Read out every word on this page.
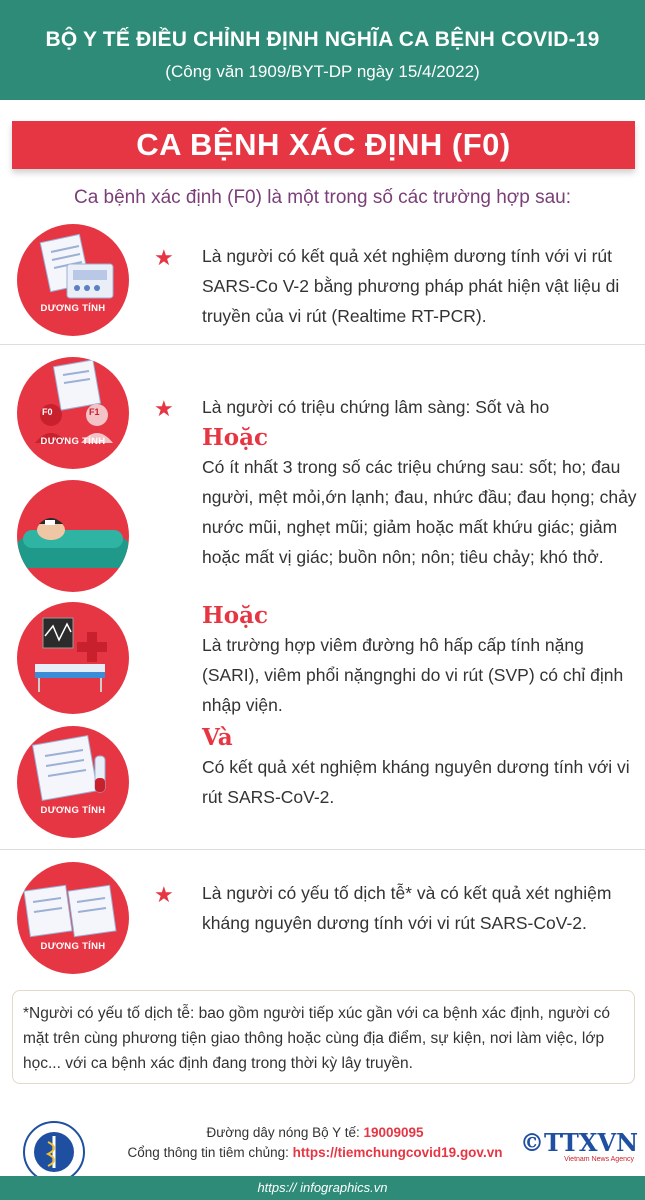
BỘ Y TẾ ĐIỀU CHỈNH ĐỊNH NGHĨA CA BỆNH COVID-19
(Công văn 1909/BYT-DP ngày 15/4/2022)
CA BỆNH XÁC ĐỊNH (F0)
Ca bệnh xác định (F0) là một trong số các trường hợp sau:
DƯƠNG TÍNH
★ Là người có kết quả xét nghiệm dương tính với vi rút SARS-Co V-2 bằng phương pháp phát hiện vật liệu di truyền của vi rút (Realtime RT-PCR).
F0	F1
DƯƠNG TÍNH
DƯƠNG TÍNH
★ Là người có triệu chứng lâm sàng: Sốt và ho
Hoặc
Có ít nhất 3 trong số các triệu chứng sau: sốt; ho; đau người, mệt mỏi,ớn lạnh; đau, nhức đầu; đau họng; chảy nước mũi, nghẹt mũi; giảm hoặc mất khứu giác; giảm hoặc mất vị giác; buồn nôn; nôn; tiêu chảy; khó thở.
Hoặc
Là trường hợp viêm đường hô hấp cấp tính nặng (SARI), viêm phổi nặngnghi do vi rút (SVP) có chỉ định nhập viện.
Và
Có kết quả xét nghiệm kháng nguyên dương tính với vi rút SARS-CoV-2.
DƯƠNG TÍNH
★ Là người có yếu tố dịch tễ* và có kết quả xét nghiệm kháng nguyên dương tính với vi rút SARS-CoV-2.

*Người có yếu tố dịch tễ: bao gồm người tiếp xúc gần với ca bệnh xác định, người có mặt trên cùng phương tiện giao thông hoặc cùng địa điểm, sự kiện, nơi làm việc, lớp học... với ca bệnh xác định đang trong thời kỳ lây truyền.

Đường dây nóng Bộ Y tế: 19009095
Cổng thông tin tiêm chủng: https://tiemchungcovid19.gov.vn ©TTXVN
Vietnam News Agency
https:// infographics.vn
